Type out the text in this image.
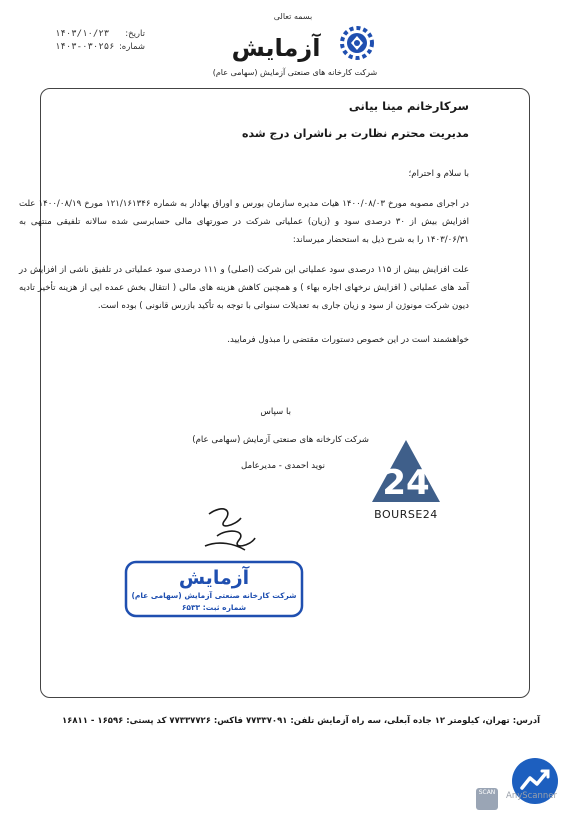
بسمه تعالی
آزمایش
شرکت کارخانه های صنعتی آزمایش (سهامی عام)
تاریخ:
۱۴۰۳/۱۰/۲۳
شماره:
۱۴۰۳-۰۳۰۲۵۶
سرکارخانم مینا بیانی
مدیریت محترم نظارت بر ناشران درج شده
با سلام و احترام؛
در اجرای مصوبه مورخ ۱۴۰۰/۰۸/۰۳ هیات مدیره سازمان بورس و اوراق بهادار به شماره ۱۲۱/۱۶۱۳۴۶ مورخ ۱۴۰۰/۰۸/۱۹ علت افزایش بیش از ۳۰ درصدی سود و (زیان) عملیاتی شرکت در صورتهای مالی حسابرسی شده سالانه تلفیقی منتهی به ۱۴۰۳/۰۶/۳۱ را به شرح ذیل به استحضار میرساند:
علت افزایش بیش از ۱۱۵ درصدی سود عملیاتی این شرکت (اصلی) و ۱۱۱ درصدی سود عملیاتی در تلفیق ناشی از افزایش در آمد های عملیاتی ( افزایش نرخهای اجاره بهاء ) و همچنین کاهش هزینه های مالی ( انتقال بخش عمده ایی از هزینه تأخیر تادیه دیون شرکت مونوژن از سود و زیان جاری به تعدیلات سنواتی با توجه به تأکید بازرس قانونی ) بوده است.
خواهشمند است در این خصوص دستورات مقتضی را مبذول فرمایید.
با سپاس
شرکت کارخانه های صنعتی آزمایش (سهامی عام)
نوید احمدی - مدیرعامل 24
BOURSE24
آزمایش
شرکت کارخانه صنعتی آزمایش (سهامی عام)
شماره ثبت: ۶۵۳۳
آدرس: تهران، کیلومتر ۱۲ جاده آبعلی، سه راه آزمایش تلفن: ۷۷۳۳۷۰۹۱ فاکس: ۷۷۳۳۷۷۲۶ کد پستی: ۱۶۵۹۶ - ۱۶۸۱۱
SCAN	AnyScanner
